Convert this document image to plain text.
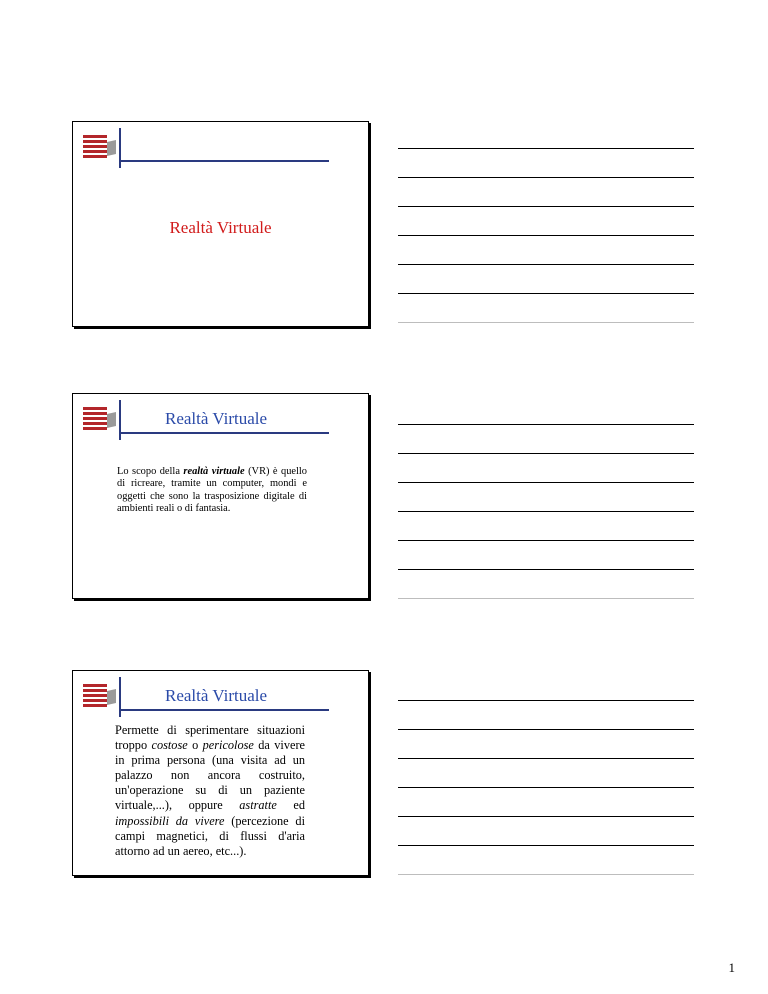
Realtà Virtuale
Realtà Virtuale
Lo scopo della realtà virtuale (VR) è quello di ricreare, tramite un computer, mondi e oggetti che sono la trasposizione digitale di ambienti reali o di fantasia.
Realtà Virtuale
Permette di sperimentare situazioni troppo costose o pericolose da vivere in prima persona (una visita ad un palazzo non ancora costruito, un'operazione su di un paziente virtuale,...), oppure astratte ed impossibili da vivere (percezione di campi magnetici, di flussi d'aria attorno ad un aereo, etc...).
1
